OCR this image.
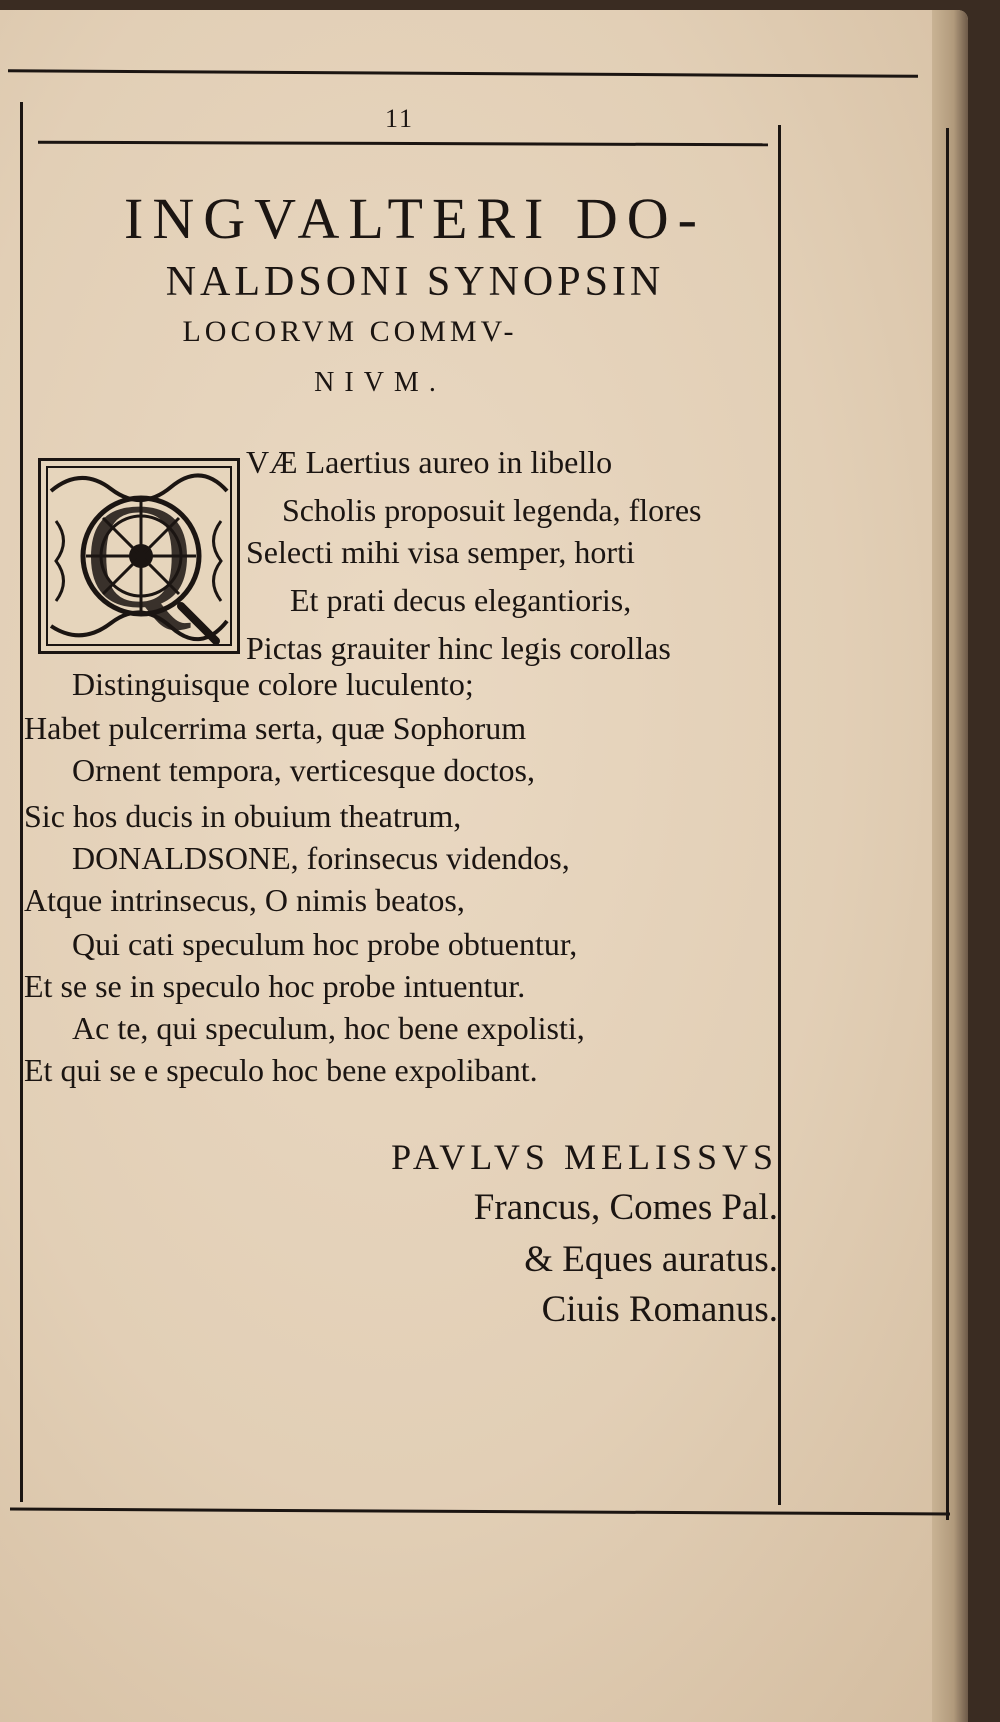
11
INGVALTERI DO-
NALDSONI SYNOPSIN
LOCORVM COMMV-
NIVM.
Q
VÆ Laertius aureo in libello
Scholis proposuit legenda, flores
Selecti mihi visa semper, horti
Et prati decus elegantioris,
Pictas grauiter hinc legis corollas
Distinguisque colore luculento;
Habet pulcerrima serta, quæ Sophorum
Ornent tempora, verticesque doctos,
Sic hos ducis in obuium theatrum,
DONALDSONE, forinsecus videndos,
Atque intrinsecus, O nimis beatos,
Qui cati speculum hoc probe obtuentur,
Et se se in speculo hoc probe intuentur.
Ac te, qui speculum, hoc bene expolisti,
Et qui se e speculo hoc bene expolibant.
PAVLVS MELISSVS
Francus, Comes Pal.
& Eques auratus.
Ciuis Romanus.
